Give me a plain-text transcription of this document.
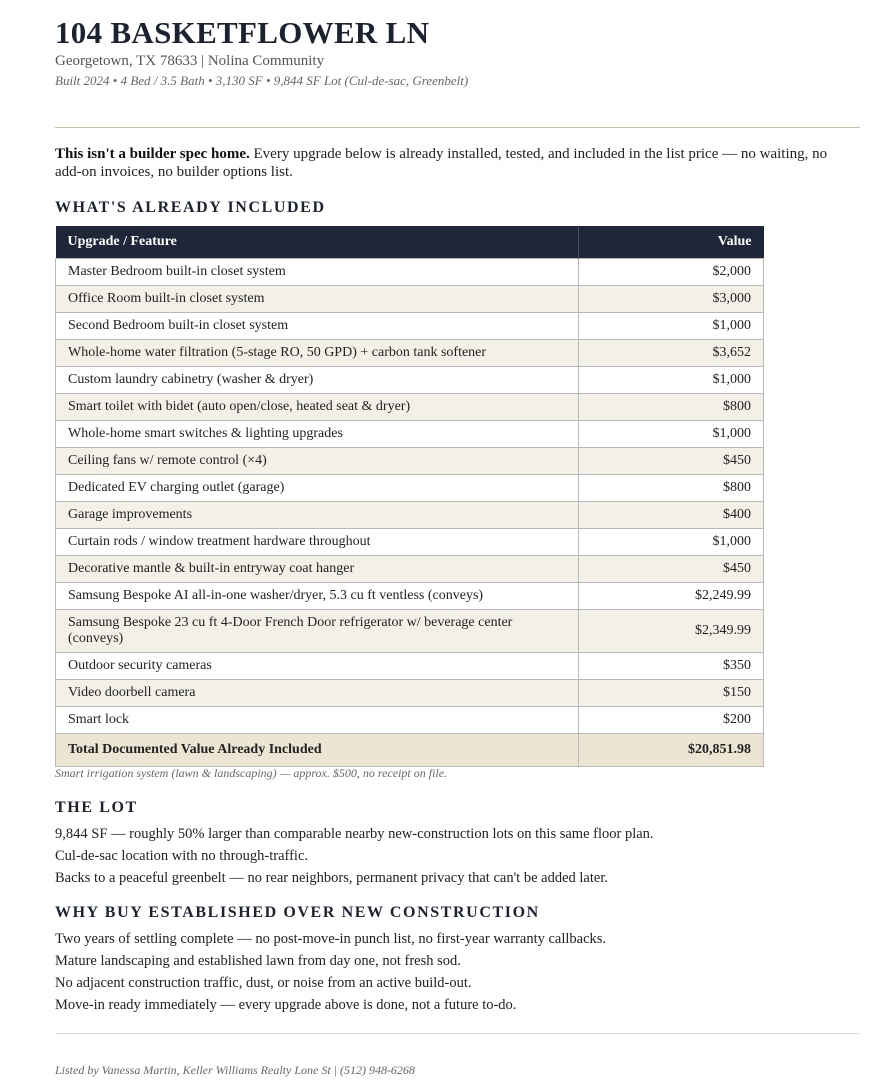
104 BASKETFLOWER LN
Georgetown, TX 78633 | Nolina Community
Built 2024 • 4 Bed / 3.5 Bath • 3,130 SF • 9,844 SF Lot (Cul-de-sac, Greenbelt)
This isn't a builder spec home. Every upgrade below is already installed, tested, and included in the list price — no waiting, no add-on invoices, no builder options list.
WHAT'S ALREADY INCLUDED
Upgrade / Feature	Value
Master Bedroom built-in closet system	$2,000
Office Room built-in closet system	$3,000
Second Bedroom built-in closet system	$1,000
Whole-home water filtration (5-stage RO, 50 GPD) + carbon tank softener	$3,652
Custom laundry cabinetry (washer & dryer)	$1,000
Smart toilet with bidet (auto open/close, heated seat & dryer)	$800
Whole-home smart switches & lighting upgrades	$1,000
Ceiling fans w/ remote control (×4)	$450
Dedicated EV charging outlet (garage)	$800
Garage improvements	$400
Curtain rods / window treatment hardware throughout	$1,000
Decorative mantle & built-in entryway coat hanger	$450
Samsung Bespoke AI all-in-one washer/dryer, 5.3 cu ft ventless (conveys)	$2,249.99
Samsung Bespoke 23 cu ft 4-Door French Door refrigerator w/ beverage center (conveys)	$2,349.99
Outdoor security cameras	$350
Video doorbell camera	$150
Smart lock	$200
Total Documented Value Already Included	$20,851.98
Smart irrigation system (lawn & landscaping) — approx. $500, no receipt on file.
THE LOT
9,844 SF — roughly 50% larger than comparable nearby new-construction lots on this same floor plan.
Cul-de-sac location with no through-traffic.
Backs to a peaceful greenbelt — no rear neighbors, permanent privacy that can't be added later.
WHY BUY ESTABLISHED OVER NEW CONSTRUCTION
Two years of settling complete — no post-move-in punch list, no first-year warranty callbacks.
Mature landscaping and established lawn from day one, not fresh sod.
No adjacent construction traffic, dust, or noise from an active build-out.
Move-in ready immediately — every upgrade above is done, not a future to-do.
Listed by Vanessa Martin, Keller Williams Realty Lone St | (512) 948-6268
